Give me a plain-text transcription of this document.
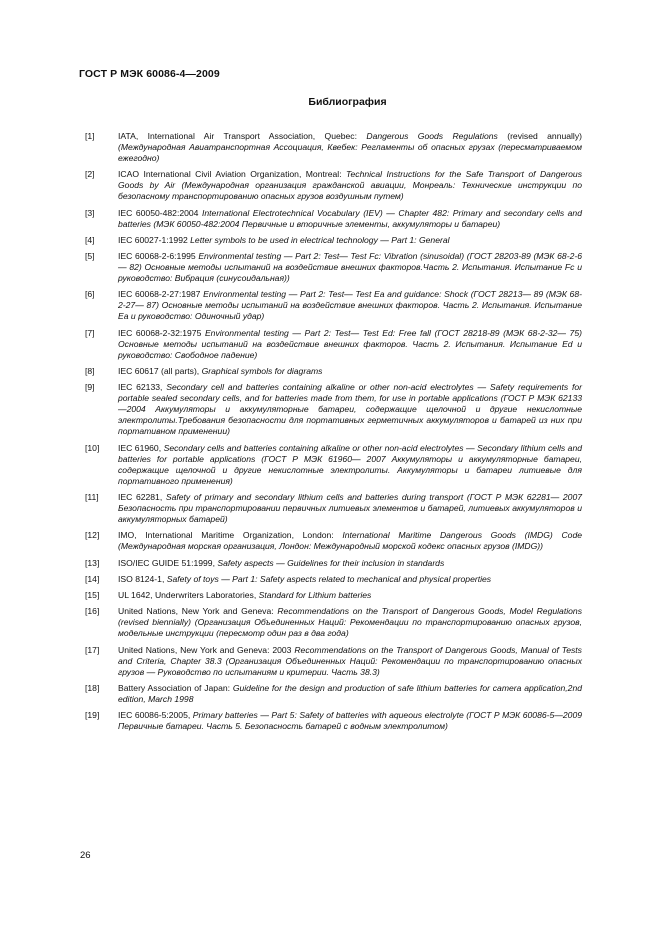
ГОСТ Р МЭК 60086-4—2009
Библиография
[1]	IATA, International Air Transport Association, Quebec: Dangerous Goods Regulations (revised annually) (Международная Авиатранспортная Ассоциация, Квебек: Регламенты об опасных грузах (пересматриваемом ежегодно)
[2]	ICAO International Civil Aviation Organization, Montreal: Technical Instructions for the Safe Transport of Dangerous Goods by Air (Международная организация гражданской авиации, Монреаль: Технические инструкции по безопасному транспортированию опасных грузов воздушным путем)
[3]	IEC 60050-482:2004 International Electrotechnical Vocabulary (IEV) — Chapter 482: Primary and secondary cells and batteries (МЭК 60050-482:2004 Первичные и вторичные элементы, аккумуляторы и батареи)
[4]	IEC 60027-1:1992 Letter symbols to be used in electrical technology — Part 1: General
[5]	IEC 60068-2-6:1995 Environmental testing — Part 2: Test— Test Fc: Vibration (sinusoidal) (ГОСТ 28203-89 (МЭК 68-2-6— 82) Основные методы испытаний на воздействие внешних факторов.Часть 2. Испытания. Испытание Fc и руководство: Вибрация (синусоидальная))
[6]	IEC 60068-2-27:1987 Environmental testing — Part 2: Test— Test Ea and guidance: Shock (ГОСТ 28213— 89 (МЭК 68-2-27— 87) Основные методы испытаний на воздействие внешних факторов. Часть 2. Испытания. Испытание Ea и руководство: Одиночный удар)
[7]	IEC 60068-2-32:1975 Environmental testing — Part 2: Test— Test Ed: Free fall (ГОСТ 28218-89 (МЭК 68-2-32— 75) Основные методы испытаний на воздействие внешних факторов. Часть 2. Испытания. Испытание Ed и руководство: Свободное падение)
[8]	IEC 60617 (all parts), Graphical symbols for diagrams
[9]	IEC 62133, Secondary cell and batteries containing alkaline or other non-acid electrolytes — Safety requirements for portable sealed secondary cells, and for batteries made from them, for use in portable applications (ГОСТ Р МЭК 62133—2004 Аккумуляторы и аккумуляторные батареи, содержащие щелочной и другие некислотные электролиты.Требования безопасности для портативных герметичных аккумуляторов и батарей из них при портативном применении)
[10] IEC 61960, Secondary cells and batteries containing alkaline or other non-acid electrolytes — Secondary lithium cells and batteries for portable applications (ГОСТ Р МЭК 61960— 2007 Аккумуляторы и аккумуляторные батареи, содержащие щелочной и другие некислотные электролиты. Аккумуляторы и батареи литиевые для портативного применения)
[11] IEC 62281, Safety of primary and secondary lithium cells and batteries during transport (ГОСТ Р МЭК 62281— 2007 Безопасность при транспортировании первичных литиевых элементов и батарей, литиевых аккумуляторов и аккумуляторных батарей)
[12] IMO, International Maritime Organization, London: International Maritime Dangerous Goods (IMDG) Code (Международная морская организация, Лондон: Международный морской кодекс опасных грузов (IMDG))
[13] ISO/IEC GUIDE 51:1999, Safety aspects — Guidelines for their inclusion in standards
[14] ISO 8124-1, Safety of toys — Part 1: Safety aspects related to mechanical and physical properties
[15] UL 1642, Underwriters Laboratories, Standard for Lithium batteries
[16] United Nations, New York and Geneva: Recommendations on the Transport of Dangerous Goods, Model Regulations (revised biennially) (Организация Объединенных Наций: Рекомендации по транспортированию опасных грузов, модельные инструкции (пересмотр один раз в два года)
[17] United Nations, New York and Geneva: 2003 Recommendations on the Transport of Dangerous Goods, Manual of Tests and Criteria, Chapter 38.3 (Организация Объединенных Наций: Рекомендации по транспортированию опасных грузов — Руководство по испытаниям и критерии. Часть 38.3)
[18] Battery Association of Japan: Guideline for the design and production of safe lithium batteries for camera application,2nd edition, March 1998
[19] IEC 60086-5:2005, Primary batteries — Part 5: Safety of batteries with aqueous electrolyte (ГОСТ Р МЭК 60086-5—2009 Первичные батареи. Часть 5. Безопасность батарей с водным электролитом)
26
